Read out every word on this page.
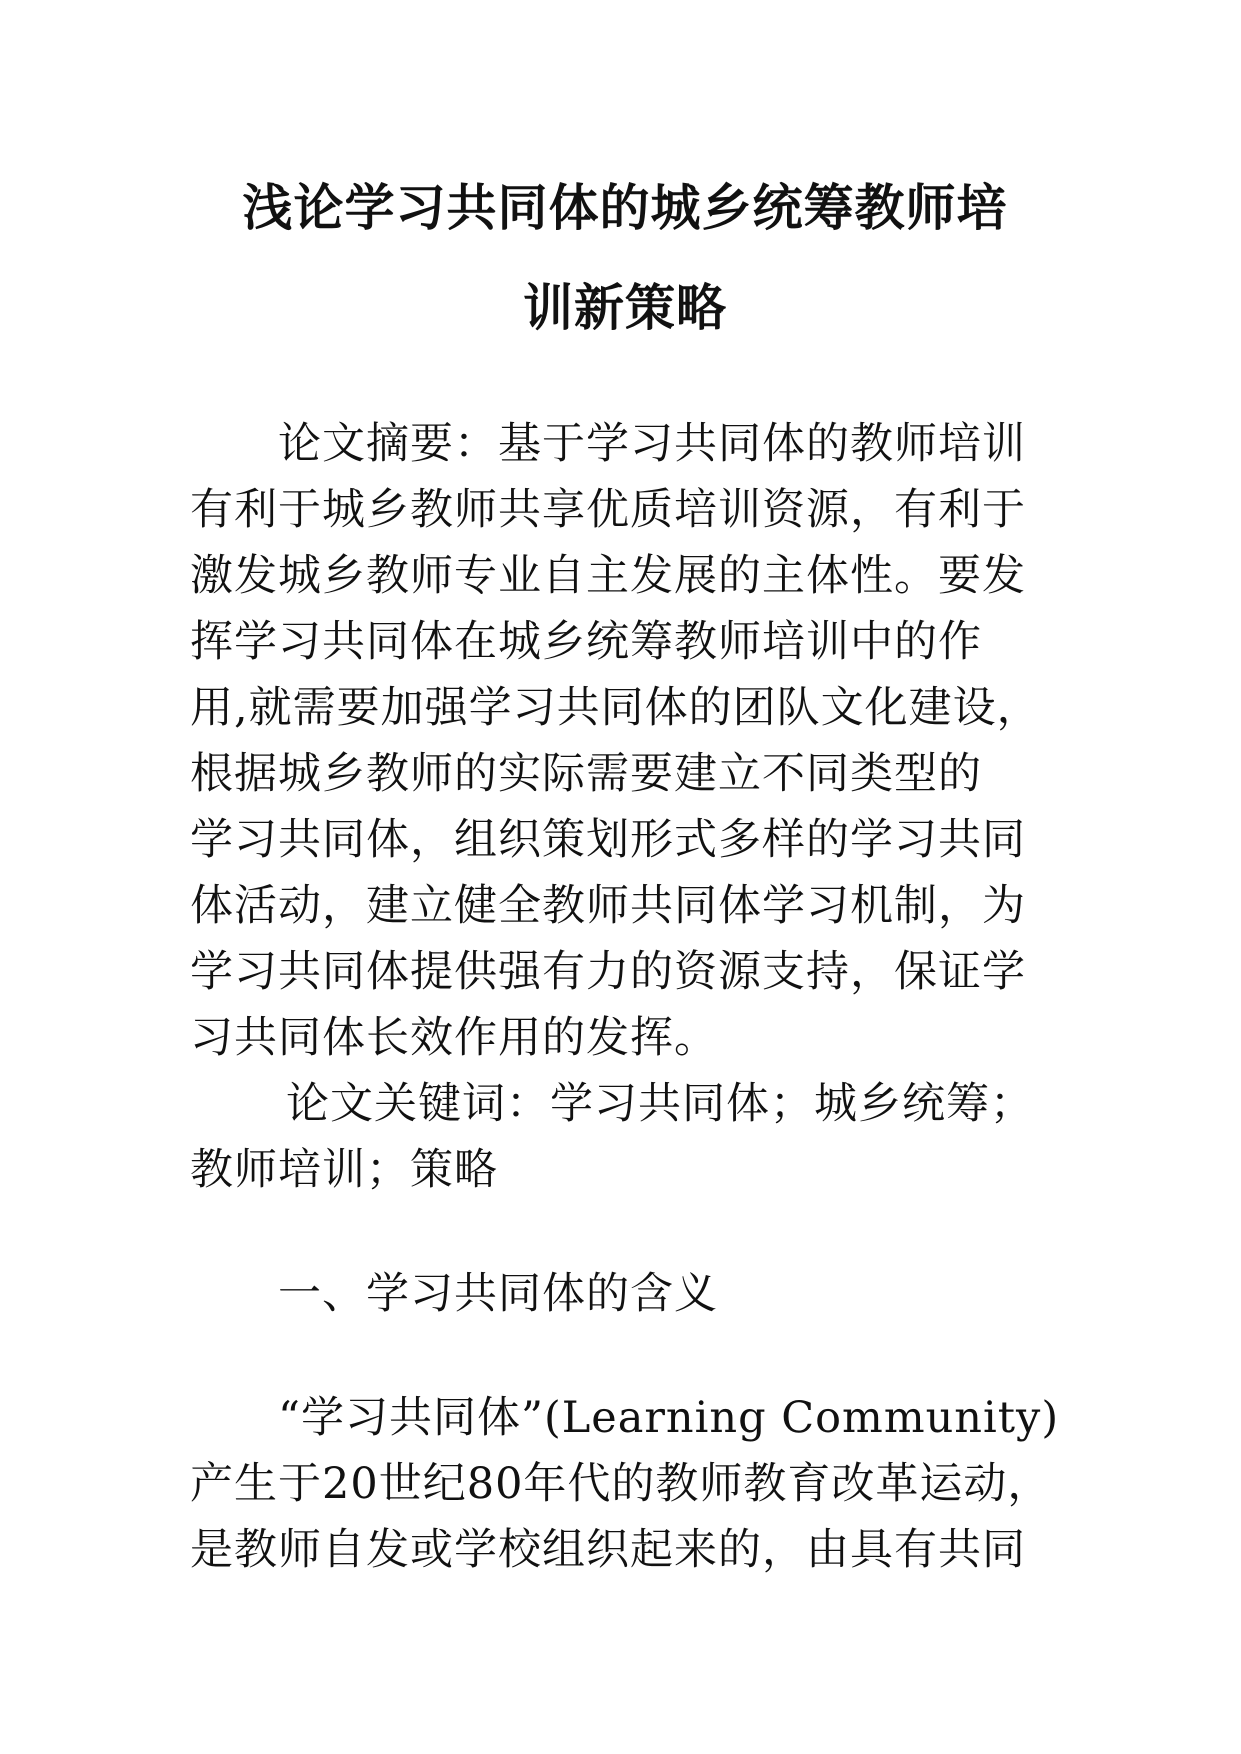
浅论学习共同体的城乡统筹教师培
训新策略
论文摘要：基于学习共同体的教师培训
有利于城乡教师共享优质培训资源，有利于
激发城乡教师专业自主发展的主体性。要发
挥学习共同体在城乡统筹教师培训中的作
用,就需要加强学习共同体的团队文化建设，
根据城乡教师的实际需要建立不同类型的
学习共同体，组织策划形式多样的学习共同
体活动，建立健全教师共同体学习机制，为
学习共同体提供强有力的资源支持，保证学
习共同体长效作用的发挥。
论文关键词：学习共同体；城乡统筹；
教师培训；策略
一、学习共同体的含义
“学习共同体”(Learning Community)
产生于20世纪80年代的教师教育改革运动，
是教师自发或学校组织起来的，由具有共同
